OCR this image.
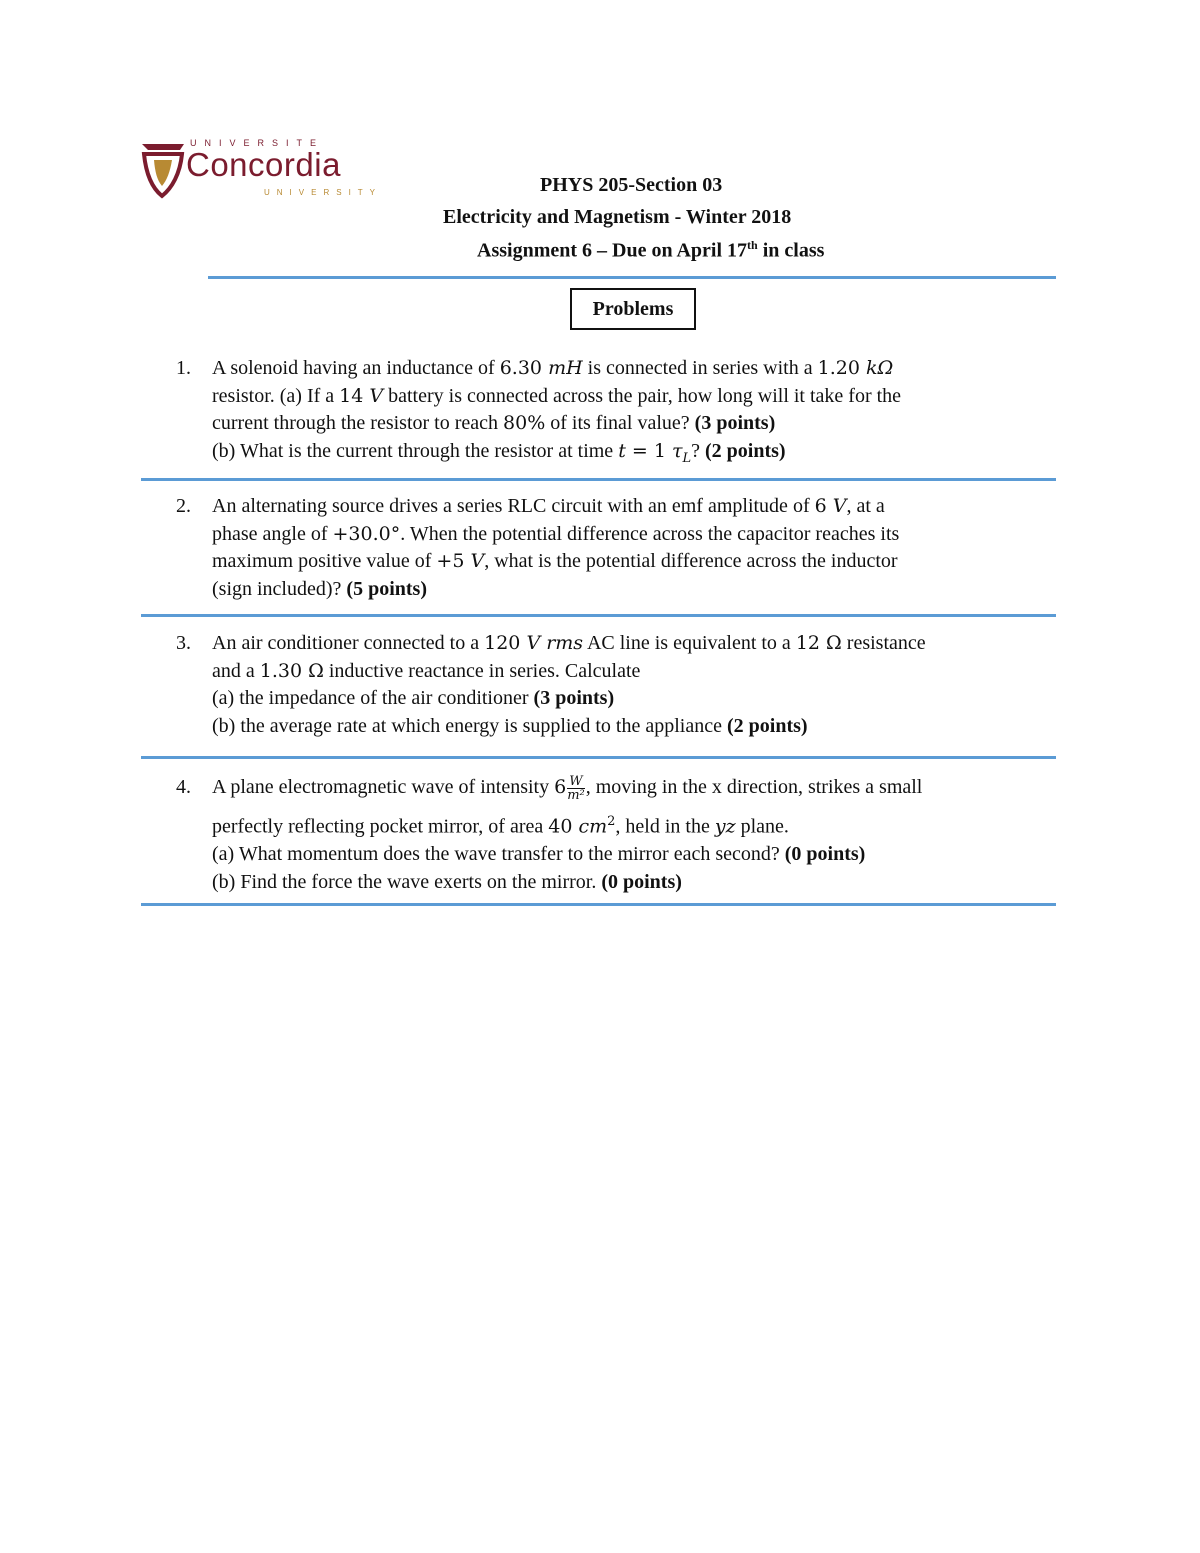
UNIVERSITE
Concordia
UNIVERSITY	PHYS 205-Section 03
Electricity and Magnetism - Winter 2018
Assignment 6 – Due on April 17th in class
Problems
1. A solenoid having an inductance of 6.30 mH is connected in series with a 1.20 kΩ
resistor. (a) If a 14 V battery is connected across the pair, how long will it take for the
current through the resistor to reach 80% of its final value? (3 points)
(b) What is the current through the resistor at time t = 1 $\tau_L$? (2 points)
2. An alternating source drives a series RLC circuit with an emf amplitude of 6 V, at a
phase angle of +30.0°. When the potential difference across the capacitor reaches its
maximum positive value of +5 V, what is the potential difference across the inductor
(sign included)? (5 points)
3. An air conditioner connected to a 120 V rms AC line is equivalent to a 12 Ω resistance
and a 1.30 Ω inductive reactance in series. Calculate
(a) the impedance of the air conditioner (3 points)
(b) the average rate at which energy is supplied to the appliance (2 points)
4. A plane electromagnetic wave of intensity $6 \frac{W}{\text{m²}}$ , moving in the x direction, strikes a small
perfectly reflecting pocket mirror, of area 40 $cm^2$, held in the yz plane.
(a) What momentum does the wave transfer to the mirror each second? (0 points)
(b) Find the force the wave exerts on the mirror. (0 points)
